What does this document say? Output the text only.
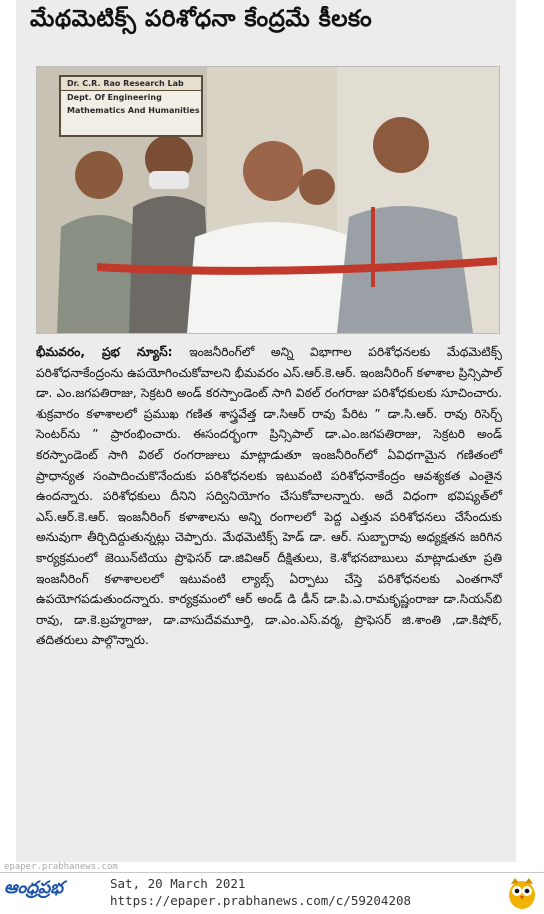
మేథమెటిక్స్ పరిశోధనా కేంద్రమే కీలకం
Dr. C.R. Rao Research Lab
Dept. Of Engineering
Mathematics And Humanities

భీమవరం, ప్రభ న్యూస్: ఇంజనీరింగ్‌లో అన్ని విభాగాల పరిశోధనలకు మేథమెటిక్స్ పరిశోధనాకేంద్రంను ఉపయోగించుకోవాలని భీమవరం ఎస్.ఆర్.కె.ఆర్. ఇంజనీరింగ్ కళాశాల ప్రిన్సిపాల్ డా. ఎం.జగపతిరాజు, సెక్రటరి అండ్ కరస్పాండెంట్ సాగి విఠల్ రంగరాజు పరిశోధకులకు సూచించారు. శుక్రవారం కళాశాలలో ప్రముఖ గణిత శాస్త్రవేత్త డా.సిఆర్ రావు పేరిట ” డా.సి.ఆర్. రావు రిసెర్చ్ సెంటర్‌ను ” ప్రారంభించారు. ఈసందర్భంగా ప్రిన్సిపాల్ డా.ఎం.జగపతిరాజు, సెక్రటరి అండ్ కరస్పాండెంట్ సాగి విఠల్ రంగరాజులు మాట్లాడుతూ ఇంజనీరింగ్‌లో ఏవిధగామైన గణితంలో ప్రాధాన్యత సంపాదించుకొనేందుకు పరిశోధనలకు ఇటువంటి పరిశోధనాకేంద్రం ఆవశ్యకత ఎంతైన ఉందన్నారు. పరిశోధకులు దీనిని సద్వినియోగం చేసుకోవాలన్నారు. అదే విధంగా భవిష్యత్‌లో ఎస్.ఆర్.కె.ఆర్. ఇంజనీరింగ్ కళాశాలను అన్ని రంగాలలో పెద్ద ఎత్తున పరిశోధనలు చేసేందుకు అనువుగా తీర్చిదిద్దుతున్నట్లు చెప్పారు. మేథమెటిక్స్ హెడ్ డా. ఆర్. సుబ్బారావు అధ్యక్షతన జరిగిన కార్యక్రమంలో జెయిన్‌టియు ప్రొఫెసర్ డా.జివిఆర్ దీక్షితులు, కె.శోభనబాబులు మాట్లాడుతూ ప్రతి ఇంజనీరింగ్ కళాశాలలలో ఇటువంటి ల్యాబ్స్ ఏర్పాటు చేస్తె పరిశోధనలకు ఎంతగానో ఉపయోగపడుతుందన్నారు. కార్యక్రమంలో ఆర్ అండ్ డి డీన్ డా.పి.ఎ.రామకృష్ణంరాజు డా.సియన్‌బి రావు, డా.కె.బ్రహ్మరాజు, డా.వాసుదేవమూర్తి, డా.ఎం.ఎస్.వర్మ, ప్రొఫెసర్ జి.శాంతి ,డా.కిషోర్, తదితరులు పాల్గొన్నారు.

epaper.prabhanews.com
ఆంధ్రప్రభ	Sat, 20 March 2021
https://epaper.prabhanews.com/c/59204208
